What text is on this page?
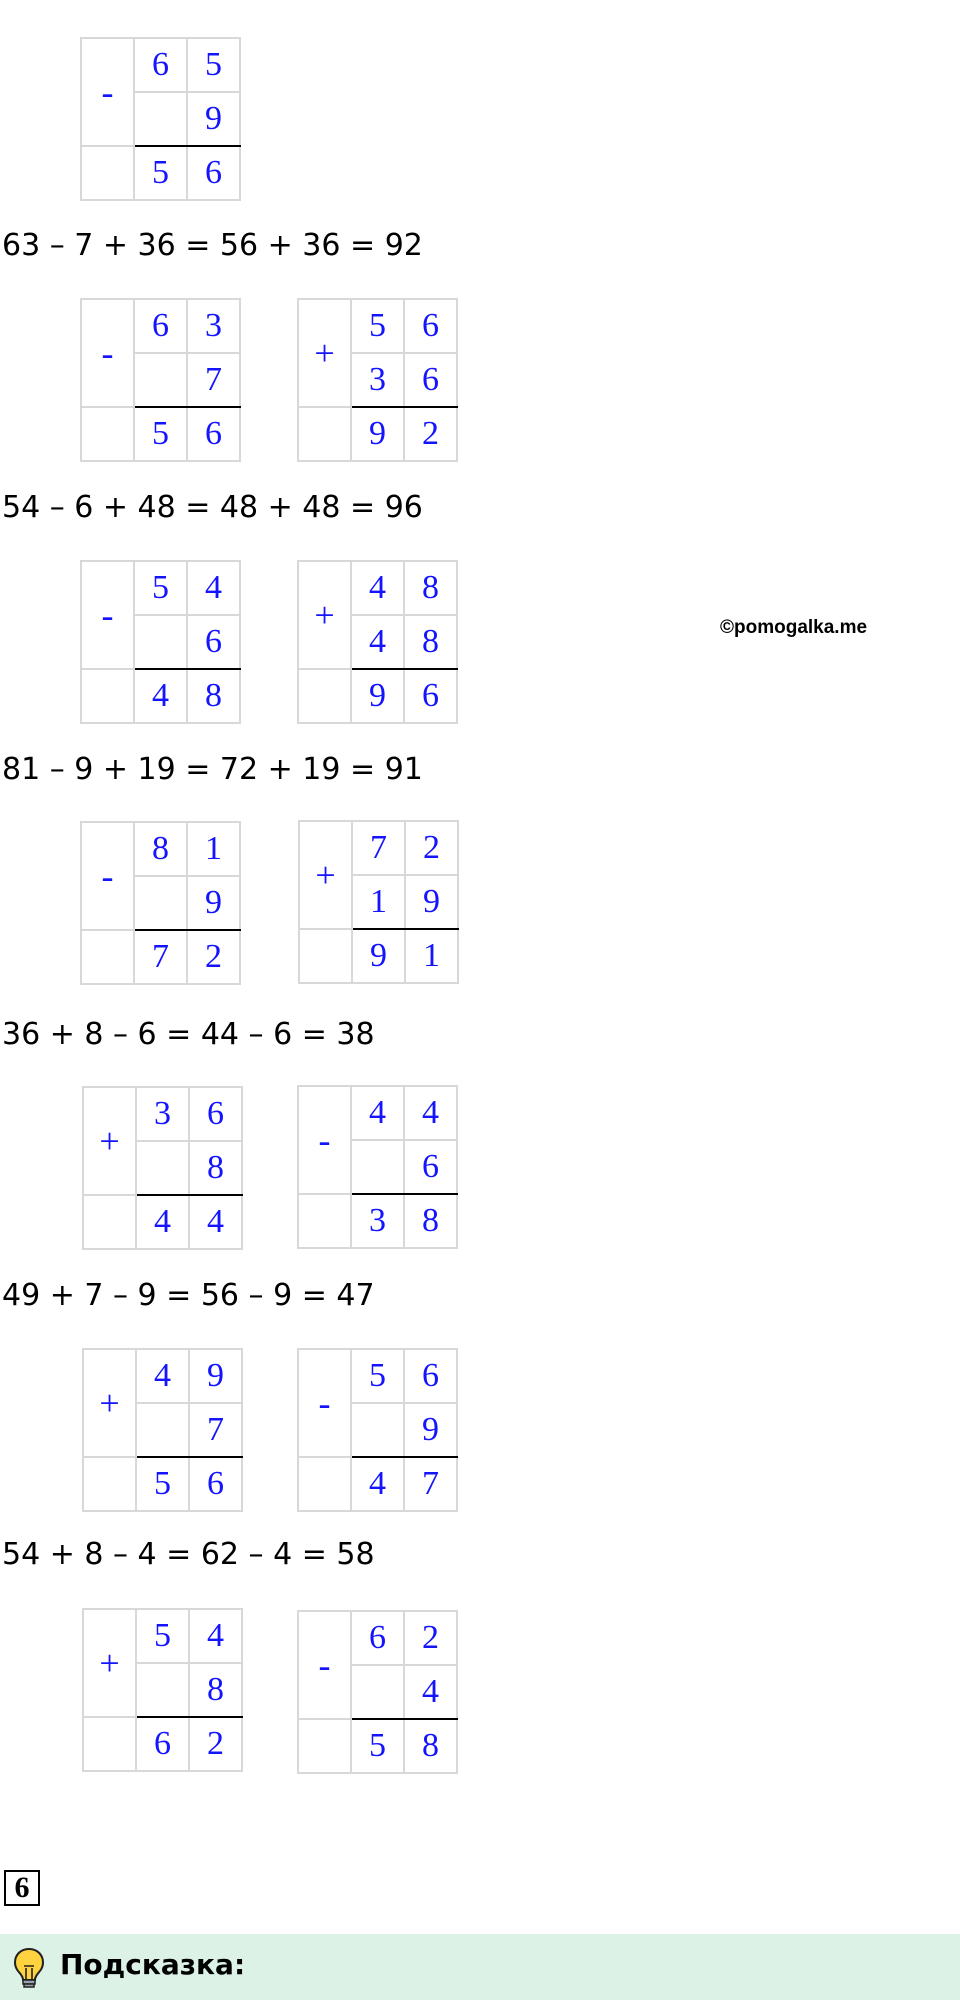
-	6	5
		9
	5	6

63 – 7 + 36 = 56 + 36 = 92

-	6	3
		7
	5	6
+	5	6
	3	6
	9	2

54 – 6 + 48 = 48 + 48 = 96

-	5	4
		6
	4	8
+	4	8
	4	8
	9	6
©pomogalka.me

81 – 9 + 19 = 72 + 19 = 91

-	8	1
		9
	7	2
+	7	2
	1	9
	9	1

36 + 8 – 6 = 44 – 6 = 38

+	3	6
		8
	4	4
-	4	4
		6
	3	8

49 + 7 – 9 = 56 – 9 = 47

+	4	9
		7
	5	6
-	5	6
		9
	4	7

54 + 8 – 4 = 62 – 4 = 58

+	5	4
		8
	6	2
-	6	2
		4
	5	8
6
Подсказка:
